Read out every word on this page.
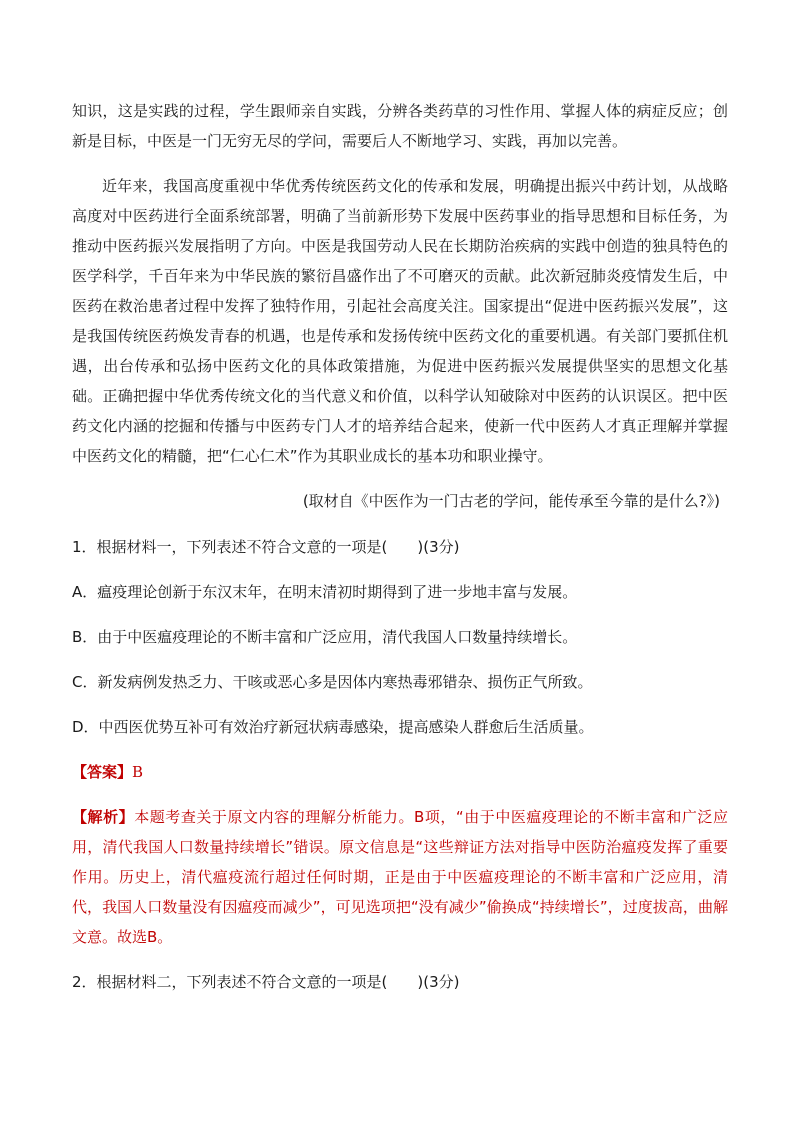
知识，这是实践的过程，学生跟师亲自实践，分辨各类药草的习性作用、掌握人体的病症反应；创新是目标，中医是一门无穷无尽的学问，需要后人不断地学习、实践，再加以完善。

近年来，我国高度重视中华优秀传统医药文化的传承和发展，明确提出振兴中药计划，从战略高度对中医药进行全面系统部署，明确了当前新形势下发展中医药事业的指导思想和目标任务，为推动中医药振兴发展指明了方向。中医是我国劳动人民在长期防治疾病的实践中创造的独具特色的医学科学，千百年来为中华民族的繁衍昌盛作出了不可磨灭的贡献。此次新冠肺炎疫情发生后，中医药在救治患者过程中发挥了独特作用，引起社会高度关注。国家提出“促进中医药振兴发展”，这是我国传统医药焕发青春的机遇，也是传承和发扬传统中医药文化的重要机遇。有关部门要抓住机遇，出台传承和弘扬中医药文化的具体政策措施，为促进中医药振兴发展提供坚实的思想文化基础。正确把握中华优秀传统文化的当代意义和价值，以科学认知破除对中医药的认识误区。把中医药文化内涵的挖掘和传播与中医药专门人才的培养结合起来，使新一代中医药人才真正理解并掌握中医药文化的精髓，把“仁心仁术”作为其职业成长的基本功和职业操守。

(取材自《中医作为一门古老的学问，能传承至今靠的是什么?》)

1．根据材料一，下列表述不符合文意的一项是(　　)(3分)

A．瘟疫理论创新于东汉末年，在明末清初时期得到了进一步地丰富与发展。

B．由于中医瘟疫理论的不断丰富和广泛应用，清代我国人口数量持续增长。

C．新发病例发热乏力、干咳或恶心多是因体内寒热毒邪错杂、损伤正气所致。

D．中西医优势互补可有效治疗新冠状病毒感染，提高感染人群愈后生活质量。

【答案】B

【解析】本题考查关于原文内容的理解分析能力。B项，“由于中医瘟疫理论的不断丰富和广泛应用，清代我国人口数量持续增长”错误。原文信息是“这些辩证方法对指导中医防治瘟疫发挥了重要作用。历史上，清代瘟疫流行超过任何时期，正是由于中医瘟疫理论的不断丰富和广泛应用，清代，我国人口数量没有因瘟疫而减少”，可见选项把“没有减少”偷换成“持续增长”，过度拔高，曲解文意。故选B。

2．根据材料二，下列表述不符合文意的一项是(　　)(3分)
